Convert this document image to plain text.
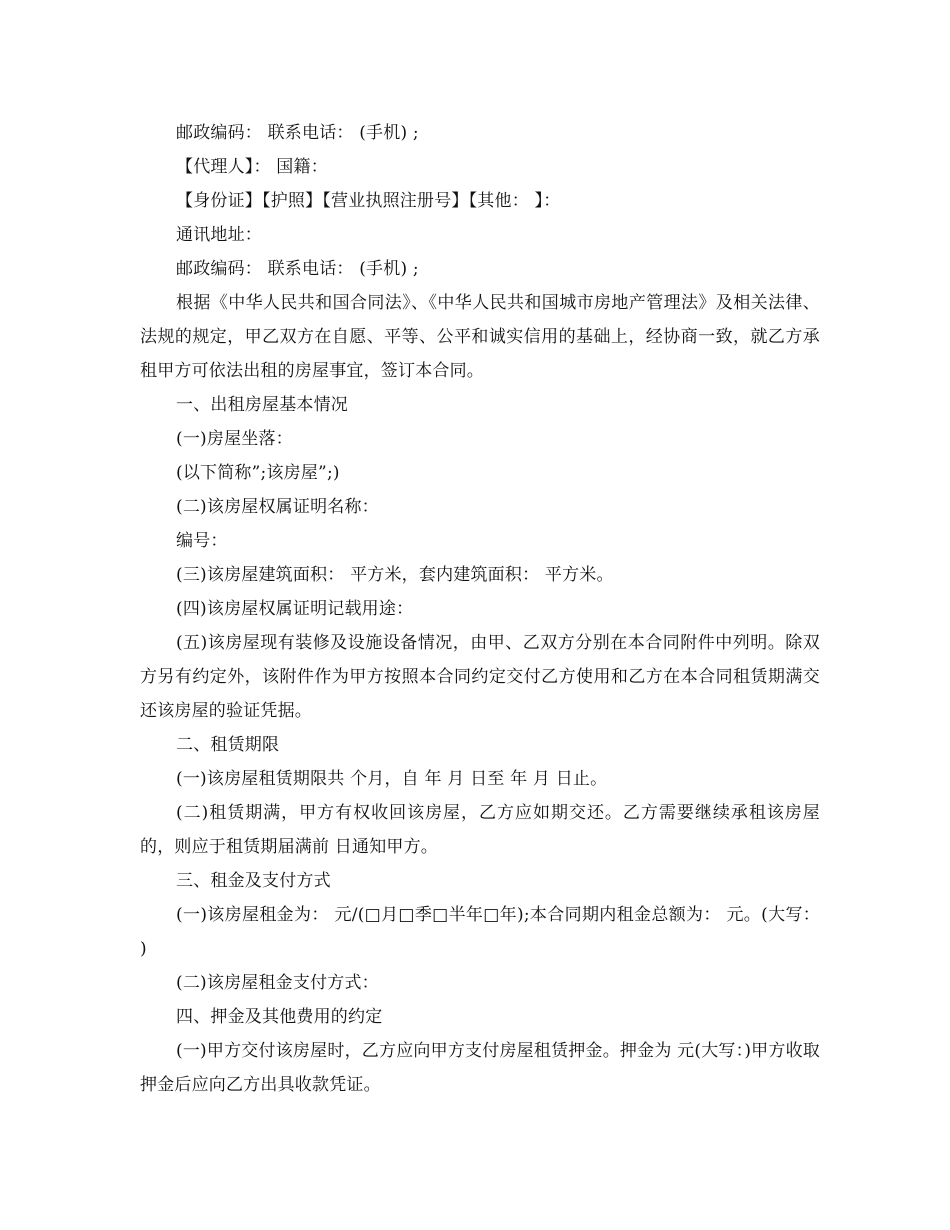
邮政编码： 联系电话： (手机) ;

【代理人】： 国籍：

【身份证】【护照】【营业执照注册号】【其他： 】：

通讯地址：

邮政编码： 联系电话： (手机) ;

根据《中华人民共和国合同法》、《中华人民共和国城市房地产管理法》及相关法律、法规的规定，甲乙双方在自愿、平等、公平和诚实信用的基础上，经协商一致，就乙方承租甲方可依法出租的房屋事宜，签订本合同。

一、出租房屋基本情况

(一)房屋坐落：

(以下简称”;该房屋”;)

(二)该房屋权属证明名称：

编号：

(三)该房屋建筑面积： 平方米，套内建筑面积： 平方米。

(四)该房屋权属证明记载用途：

(五)该房屋现有装修及设施设备情况，由甲、乙双方分别在本合同附件中列明。除双方另有约定外，该附件作为甲方按照本合同约定交付乙方使用和乙方在本合同租赁期满交还该房屋的验证凭据。

二、租赁期限

(一)该房屋租赁期限共 个月，自 年 月 日至 年 月 日止。

(二)租赁期满，甲方有权收回该房屋，乙方应如期交还。乙方需要继续承租该房屋的，则应于租赁期届满前 日通知甲方。

三、租金及支付方式

(一)该房屋租金为： 元/(□月□季□半年□年);本合同期内租金总额为： 元。(大写： )

(二)该房屋租金支付方式：

四、押金及其他费用的约定

(一)甲方交付该房屋时，乙方应向甲方支付房屋租赁押金。押金为 元(大写：)甲方收取押金后应向乙方出具收款凭证。
